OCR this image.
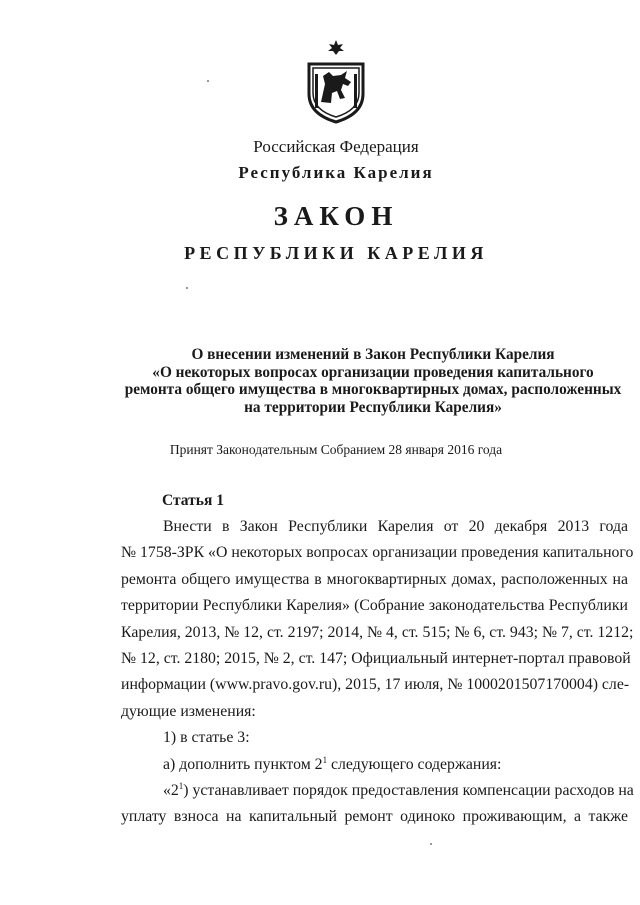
Российская Федерация
Республика Карелия
ЗАКОН
РЕСПУБЛИКИ КАРЕЛИЯ
О внесении изменений в Закон Республики Карелия
«О некоторых вопросах организации проведения капитального
ремонта общего имущества в многоквартирных домах, расположенных
на территории Республики Карелия»
Принят Законодательным Собранием 28 января 2016 года
Статья 1
Внести в Закон Республики Карелия от 20 декабря 2013 года
№ 1758-ЗРК «О некоторых вопросах организации проведения капитального
ремонта общего имущества в многоквартирных домах, расположенных на
территории Республики Карелия» (Собрание законодательства Республики
Карелия, 2013, № 12, ст. 2197; 2014, № 4, ст. 515; № 6, ст. 943; № 7, ст. 1212;
№ 12, ст. 2180; 2015, № 2, ст. 147; Официальный интернет-портал правовой
информации (www.pravo.gov.ru), 2015, 17 июля, № 1000201507170004) сле-
дующие изменения:
1) в статье 3:
а) дополнить пунктом $2^1$ следующего содержания:
«$2^1$) устанавливает порядок предоставления компенсации расходов на
уплату взноса на капитальный ремонт одиноко проживающим, а также
